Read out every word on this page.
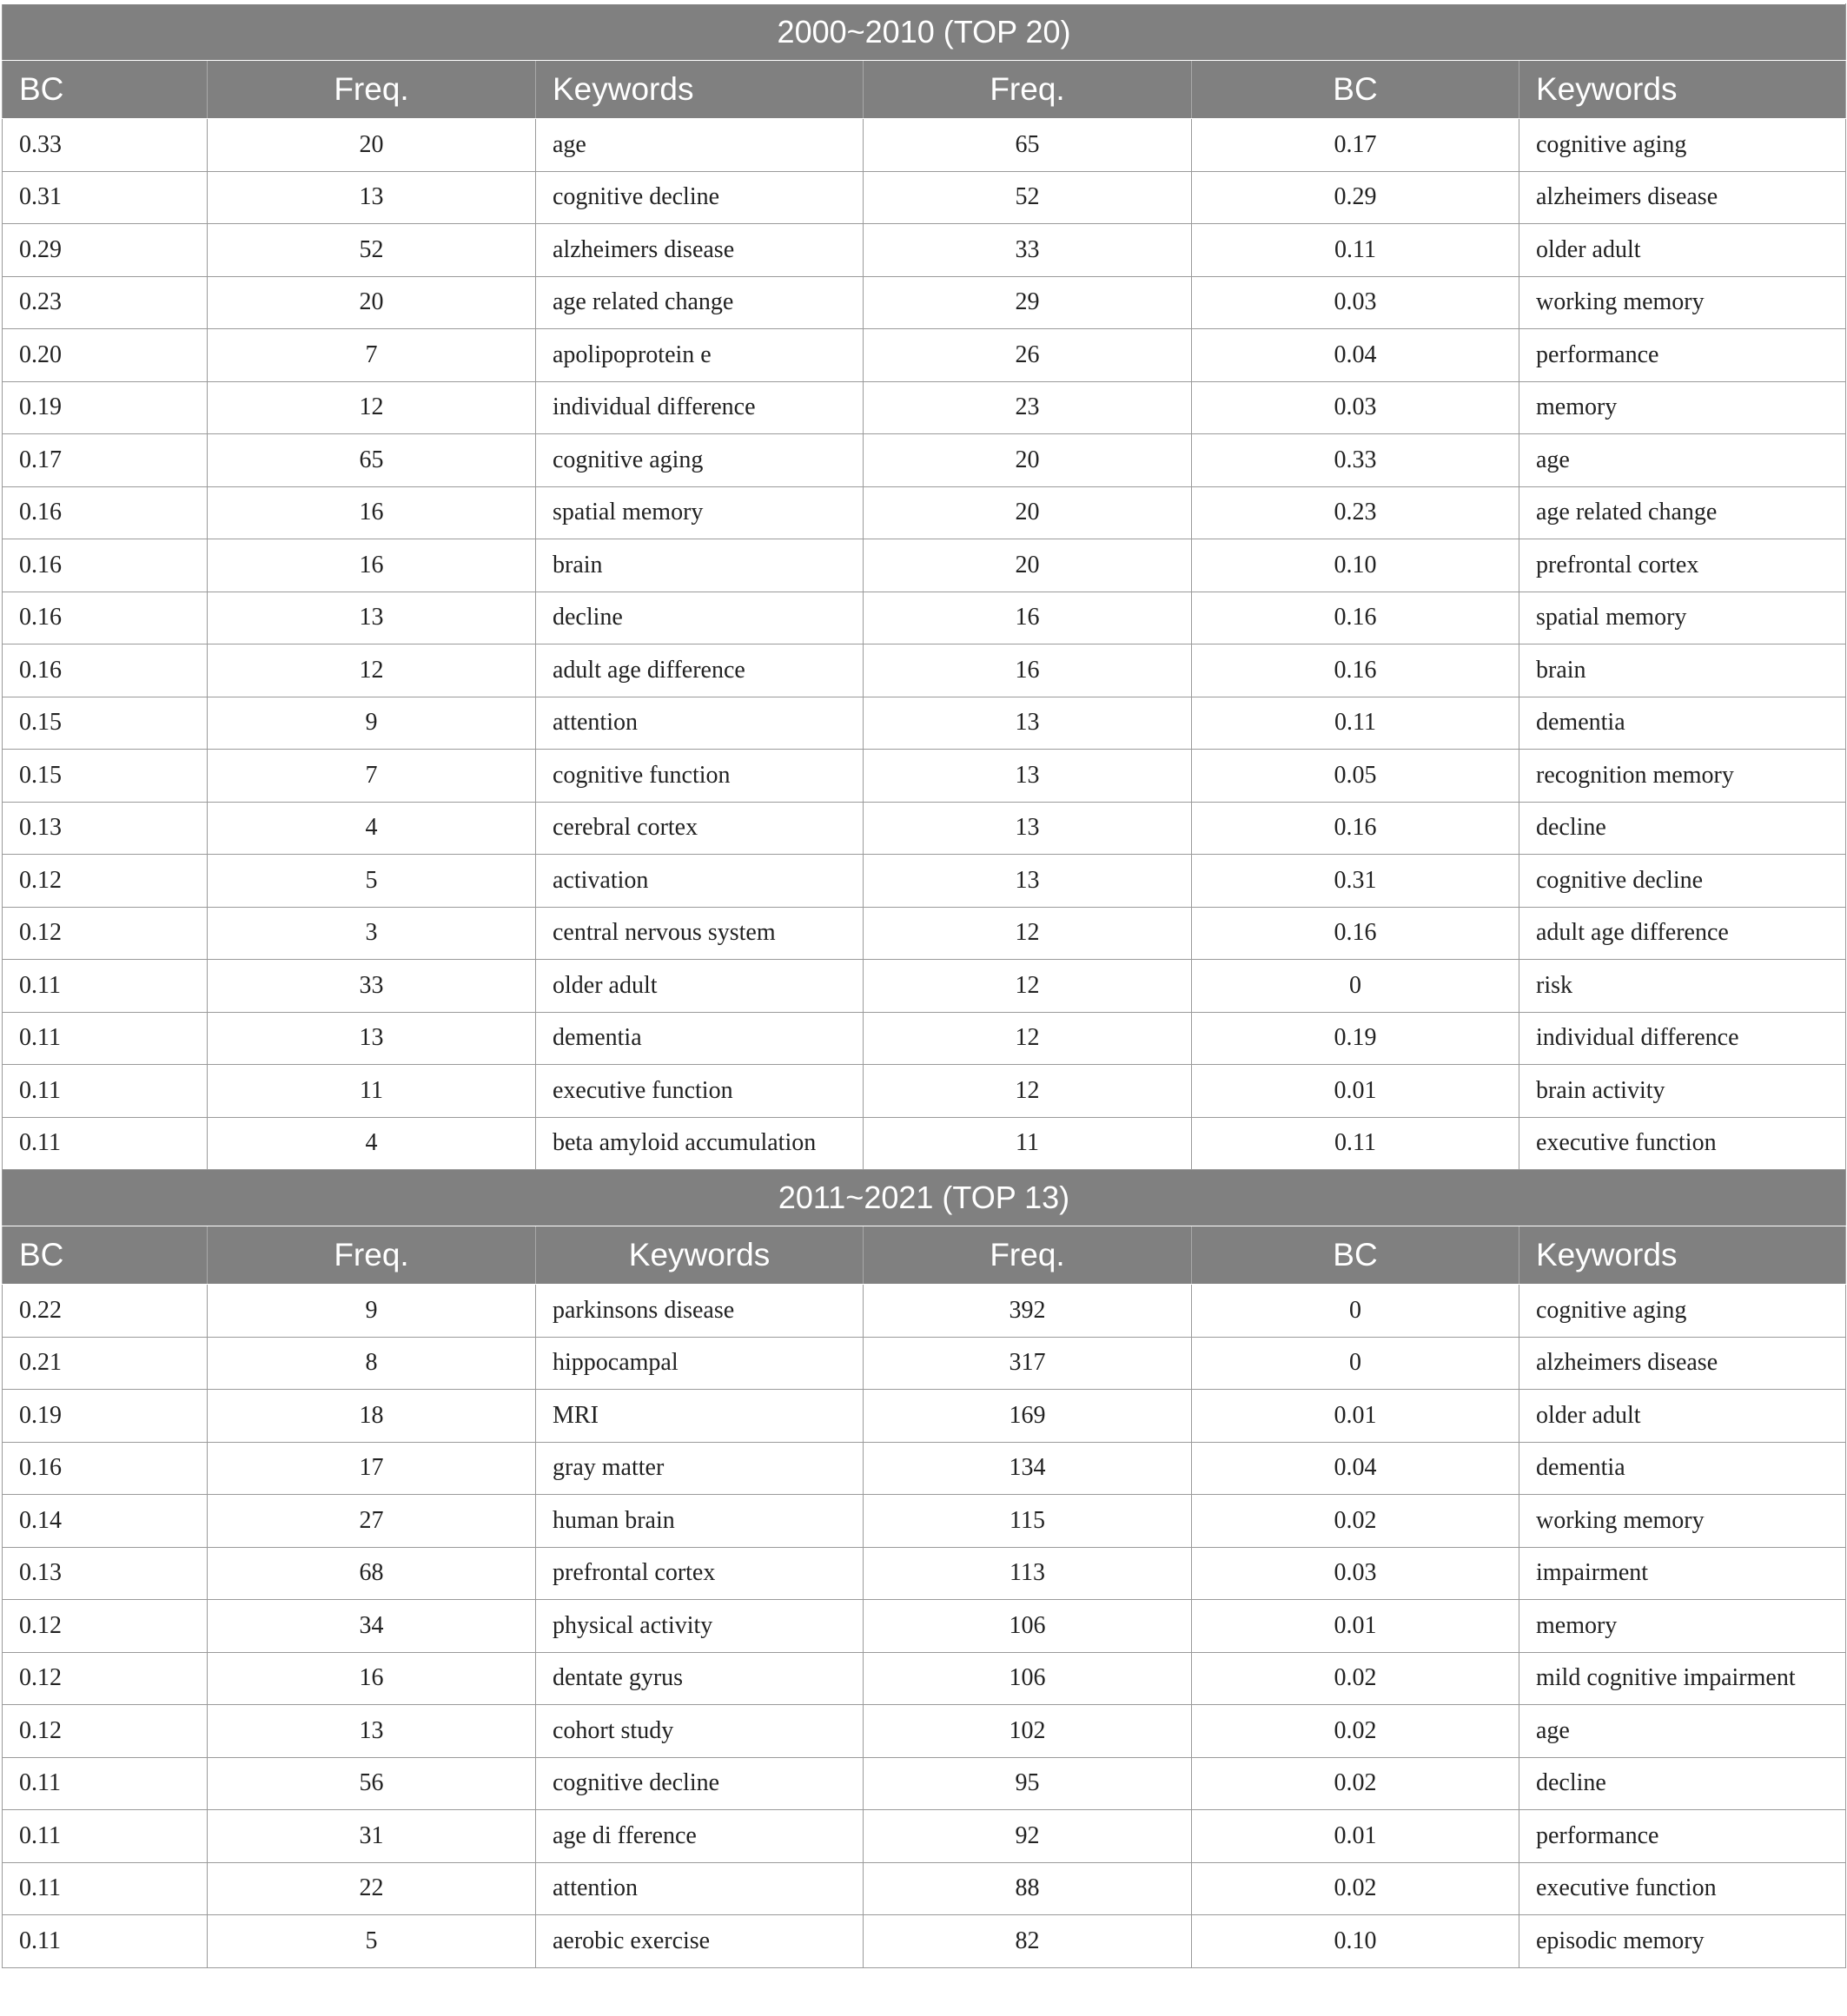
2000~2010 (TOP 20)					
BC	Freq.	Keywords	Freq.	BC	Keywords
0.33	20	age	65	0.17	cognitive aging
0.31	13	cognitive decline	52	0.29	alzheimers disease
0.29	52	alzheimers disease	33	0.11	older adult
0.23	20	age related change	29	0.03	working memory
0.20	7	apolipoprotein e	26	0.04	performance
0.19	12	individual difference	23	0.03	memory
0.17	65	cognitive aging	20	0.33	age
0.16	16	spatial memory	20	0.23	age related change
0.16	16	brain	20	0.10	prefrontal cortex
0.16	13	decline	16	0.16	spatial memory
0.16	12	adult age difference	16	0.16	brain
0.15	9	attention	13	0.11	dementia
0.15	7	cognitive function	13	0.05	recognition memory
0.13	4	cerebral cortex	13	0.16	decline
0.12	5	activation	13	0.31	cognitive decline
0.12	3	central nervous system	12	0.16	adult age difference
0.11	33	older adult	12	0	risk
0.11	13	dementia	12	0.19	individual difference
0.11	11	executive function	12	0.01	brain activity
0.11	4	beta amyloid accumulation	11	0.11	executive function
2011~2021 (TOP 13)					
BC	Freq.	Keywords	Freq.	BC	Keywords
0.22	9	parkinsons disease	392	0	cognitive aging
0.21	8	hippocampal	317	0	alzheimers disease
0.19	18	MRI	169	0.01	older adult
0.16	17	gray matter	134	0.04	dementia
0.14	27	human brain	115	0.02	working memory
0.13	68	prefrontal cortex	113	0.03	impairment
0.12	34	physical activity	106	0.01	memory
0.12	16	dentate gyrus	106	0.02	mild cognitive impairment
0.12	13	cohort study	102	0.02	age
0.11	56	cognitive decline	95	0.02	decline
0.11	31	age di fference	92	0.01	performance
0.11	22	attention	88	0.02	executive function
0.11	5	aerobic exercise	82	0.10	episodic memory
